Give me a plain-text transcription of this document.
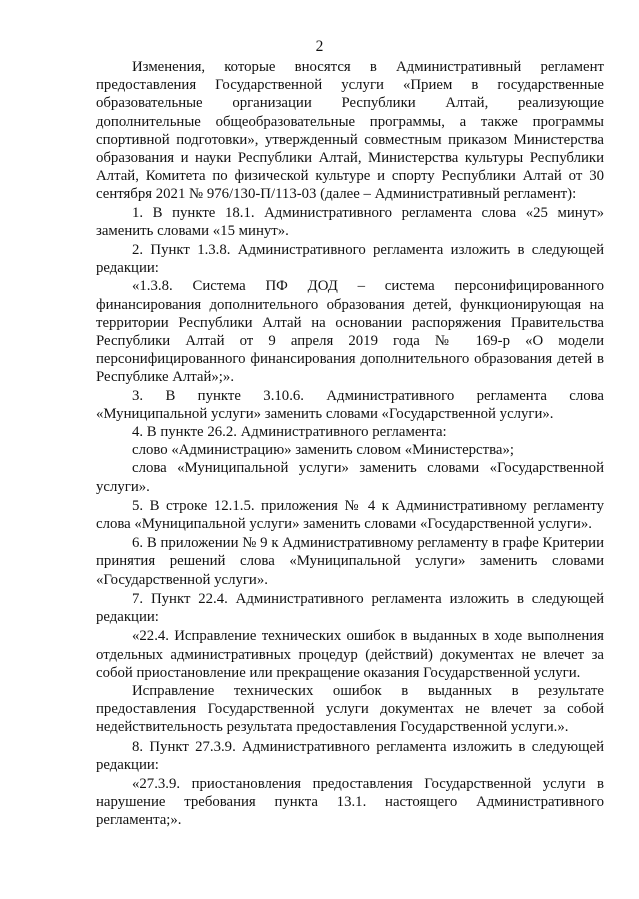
2

Изменения, которые вносятся в Административный регламент предоставления Государственной услуги «Прием в государственные образовательные организации Республики Алтай, реализующие дополнительные общеобразовательные программы, а также программы спортивной подготовки», утвержденный совместным приказом Министерства образования и науки Республики Алтай, Министерства культуры Республики Алтай, Комитета по физической культуре и спорту Республики Алтай от 30 сентября 2021 № 976/130-П/113-03 (далее – Административный регламент):

1. В пункте 18.1. Административного регламента слова «25 минут» заменить словами «15 минут».

2. Пункт 1.3.8. Административного регламента изложить в следующей редакции:

«1.3.8. Система ПФ ДОД – система персонифицированного финансирования дополнительного образования детей, функционирующая на территории Республики Алтай на основании распоряжения Правительства Республики Алтай от 9 апреля 2019 года № 169-р «О модели персонифицированного финансирования дополнительного образования детей в Республике Алтай»;».

3. В пункте 3.10.6. Административного регламента слова «Муниципальной услуги» заменить словами «Государственной услуги».

4. В пункте 26.2. Административного регламента:

слово «Администрацию» заменить словом «Министерства»;

слова «Муниципальной услуги» заменить словами «Государственной услуги».

5. В строке 12.1.5. приложения № 4 к Административному регламенту слова «Муниципальной услуги» заменить словами «Государственной услуги».

6. В приложении № 9 к Административному регламенту в графе Критерии принятия решений слова «Муниципальной услуги» заменить словами «Государственной услуги».

7. Пункт 22.4. Административного регламента изложить в следующей редакции:

«22.4. Исправление технических ошибок в выданных в ходе выполнения отдельных административных процедур (действий) документах не влечет за собой приостановление или прекращение оказания Государственной услуги.

Исправление технических ошибок в выданных в результате предоставления Государственной услуги документах не влечет за собой недействительность результата предоставления Государственной услуги.».

8. Пункт 27.3.9. Административного регламента изложить в следующей редакции:

«27.3.9. приостановления предоставления Государственной услуги в нарушение требования пункта 13.1. настоящего Административного регламента;».
